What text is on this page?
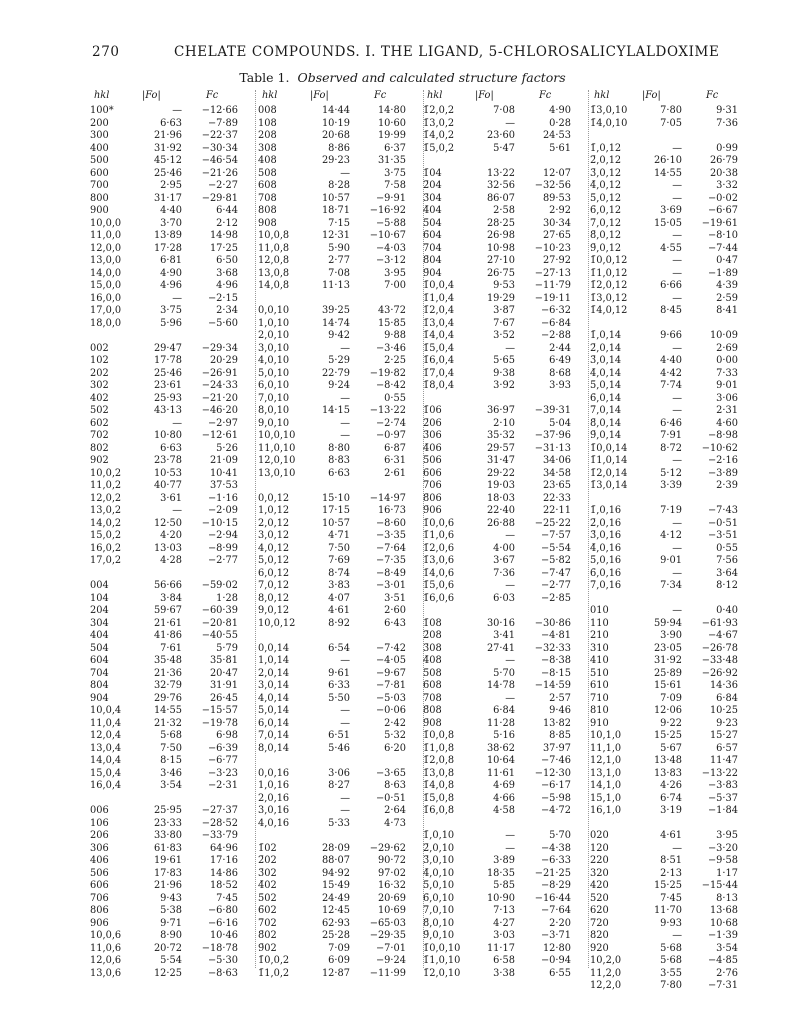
270	CHELATE COMPOUNDS. I. THE LIGAND, 5-CHLOROSALICYLALDOXIME
Table 1. Observed and calculated structure factors
hkl	|Fo|	Fc
100*	—	−12·66
200	6·63	−7·89
300	21·96	−22·37
400	31·92	−30·34
500	45·12	−46·54
600	25·46	−21·26
700	2·95	−2·27
800	31·17	−29·81
900	4·40	6·44
10,0,0	3·70	2·12
11,0,0	13·89	14·98
12,0,0	17·28	17·25
13,0,0	6·81	6·50
14,0,0	4·90	3·68
15,0,0	4·96	4·96
16,0,0	—	−2·15
17,0,0	3·75	2·34
18,0,0	5·96	−5·60
002	29·47	−29·34
102	17·78	20·29
202	25·46	−26·91
302	23·61	−24·33
402	25·93	−21·20
502	43·13	−46·20
602	—	−2·97
702	10·80	−12·61
802	6·63	5·26
902	23·78	21·09
10,0,2	10·53	10·41
11,0,2	40·77	37·53
12,0,2	3·61	−1·16
13,0,2	—	−2·09
14,0,2	12·50	−10·15
15,0,2	4·20	−2·94
16,0,2	13·03	−8·99
17,0,2	4·28	−2·77
004	56·66	−59·02
104	3·84	1·28
204	59·67	−60·39
304	21·61	−20·81
404	41·86	−40·55
504	7·61	5·79
604	35·48	35·81
704	21·36	20·47
804	32·79	31·91
904	29·76	26·45
10,0,4	14·55	−15·57
11,0,4	21·32	−19·78
12,0,4	5·68	6·98
13,0,4	7·50	−6·39
14,0,4	8·15	−6·77
15,0,4	3·46	−3·23
16,0,4	3·54	−2·31
006	25·95	−27·37
106	23·33	−28·52
206	33·80	−33·79
306	61·83	64·96
406	19·61	17·16
506	17·83	14·86
606	21·96	18·52
706	9·43	7·45
806	5·38	−6·80
906	9·71	−6·16
10,0,6	8·90	10·46
11,0,6	20·72	−18·78
12,0,6	5·54	−5·30
13,0,6	12·25	−8·63
hkl	|Fo|	Fc
008	14·44	14·80
108	10·19	10·60
208	20·68	19·99
308	8·86	6·37
408	29·23	31·35
508	—	3·75
608	8·28	7·58
708	10·57	−9·91
808	18·71	−16·92
908	7·15	−5·88
10,0,8	12·31	−10·67
11,0,8	5·90	−4·03
12,0,8	2·77	−3·12
13,0,8	7·08	3·95
14,0,8	11·13	7·00
0,0,10	39·25	43·72
1,0,10	14·74	15·85
2,0,10	9·42	9·88
3,0,10	—	−3·46
4,0,10	5·29	2·25
5,0,10	22·79	−19·82
6,0,10	9·24	−8·42
7,0,10	—	0·55
8,0,10	14·15	−13·22
9,0,10	—	−2·74
10,0,10	—	−0·97
11,0,10	8·80	6·87
12,0,10	8·83	6·31
13,0,10	6·63	2·61
0,0,12	15·10	−14·97
1,0,12	17·15	16·73
2,0,12	10·57	−8·60
3,0,12	4·71	−3·35
4,0,12	7·50	−7·64
5,0,12	7·69	−7·35
6,0,12	8·74	−8·49
7,0,12	3·83	−3·01
8,0,12	4·07	3·51
9,0,12	4·61	2·60
10,0,12	8·92	6·43
0,0,14	6·54	−7·42
1,0,14	—	−4·05
2,0,14	9·61	−9·67
3,0,14	6·33	−7·81
4,0,14	5·50	−5·03
5,0,14	—	−0·06
6,0,14	—	2·42
7,0,14	6·51	5·32
8,0,14	5·46	6·20
0,0,16	3·06	−3·65
1,0,16	8·27	8·63
2,0,16	—	−0·51
3,0,16	—	2·64
4,0,16	5·33	4·73
1̄02	28·09	−29·62
2̄02	88·07	90·72
3̄02	94·92	97·02
4̄02	15·49	16·32
5̄02	24·49	20·69
6̄02	12·45	10·69
7̄02	62·93	−65·03
8̄02	25·28	−29·35
9̄02	7·09	−7·01
1̄0,0,2	6·09	−9·24
1̄1,0,2	12·87	−11·99
hkl	|Fo|	Fc
1̄2,0,2	7·08	4·90
1̄3,0,2	—	0·28
1̄4,0,2	23·60	24·53
1̄5,0,2	5·47	5·61
1̄04	13·22	12·07
2̄04	32·56	−32·56
3̄04	86·07	89·53
4̄04	2·58	2·92
5̄04	28·25	30·34
6̄04	26·98	27·65
7̄04	10·98	−10·23
8̄04	27·10	27·92
9̄04	26·75	−27·13
1̄0,0,4	9·53	−11·79
1̄1,0,4	19·29	−19·11
1̄2,0,4	3·87	−6·32
1̄3,0,4	7·67	−6·84
1̄4,0,4	3·52	−2·88
1̄5,0,4	—	2·44
1̄6,0,4	5·65	6·49
1̄7,0,4	9·38	8·68
1̄8,0,4	3·92	3·93
1̄06	36·97	−39·31
2̄06	2·10	5·04
3̄06	35·32	−37·96
4̄06	29·57	−31·13
5̄06	31·47	34·06
6̄06	29·22	34·58
7̄06	19·03	23·65
8̄06	18·03	22·33
9̄06	22·40	22·11
1̄0,0,6	26·88	−25·22
1̄1,0,6	—	−7·57
1̄2,0,6	4·00	−5·54
1̄3,0,6	3·67	−5·82
1̄4,0,6	7·36	−7·47
1̄5,0,6	—	−2·77
1̄6,0,6	6·03	−2·85
1̄08	30·16	−30·86
2̄08	3·41	−4·81
3̄08	27·41	−32·33
4̄08	—	−8·38
5̄08	5·70	−8·15
6̄08	14·78	−14·59
7̄08	—	2·57
8̄08	6·84	9·46
9̄08	11·28	13·82
1̄0,0,8	5·16	8·85
1̄1,0,8	38·62	37·97
1̄2,0,8	10·64	−7·46
1̄3,0,8	11·61	−12·30
1̄4,0,8	4·69	−6·17
1̄5,0,8	4·66	−5·98
1̄6,0,8	4·58	−4·72
1̄,0,10	—	5·70
2̄,0,10	—	−4·38
3̄,0,10	3·89	−6·33
4̄,0,10	18·35	−21·25
5̄,0,10	5·85	−8·29
6̄,0,10	10·90	−16·44
7̄,0,10	7·13	−7·64
8̄,0,10	4·27	2·20
9̄,0,10	3·03	−3·71
1̄0,0,10	11·17	12·80
1̄1,0,10	6·58	−0·94
1̄2,0,10	3·38	6·55
hkl	|Fo|	Fc
1̄3,0,10	7·80	9·31
1̄4,0,10	7·05	7·36
1̄,0,12	—	0·99
2̄,0,12	26·10	26·79
3̄,0,12	14·55	20·38
4̄,0,12	—	3·32
5̄,0,12	—	−0·02
6̄,0,12	3·69	−6·67
7̄,0,12	15·05	−19·61
8̄,0,12	—	−8·10
9̄,0,12	4·55	−7·44
1̄0,0,12	—	0·47
1̄1,0,12	—	−1·89
1̄2,0,12	6·66	4·39
1̄3,0,12	—	2·59
1̄4,0,12	8·45	8·41
1̄,0,14	9·66	10·09
2̄,0,14	—	2·69
3̄,0,14	4·40	0·00
4̄,0,14	4·42	7·33
5̄,0,14	7·74	9·01
6̄,0,14	—	3·06
7̄,0,14	—	2·31
8̄,0,14	6·46	4·60
9̄,0,14	7·91	−8·98
1̄0,0,14	8·72	−10·62
1̄1,0,14	—	−2·16
1̄2,0,14	5·12	−3·89
1̄3,0,14	3·39	2·39
1̄,0,16	7·19	−7·43
2̄,0,16	—	−0·51
3̄,0,16	4·12	−3·51
4̄,0,16	—	0·55
5̄,0,16	9·01	7·56
6̄,0,16	—	3·64
7̄,0,16	7·34	8·12
010	—	0·40
110	59·94	−61·93
210	3·90	−4·67
310	23·05	−26·78
410	31·92	−33·48
510	25·89	−26·92
610	15·61	14·36
710	7·09	6·84
810	12·06	10·25
910	9·22	9·23
10,1,0	15·25	15·27
11,1,0	5·67	6·57
12,1,0	13·48	11·47
13,1,0	13·83	−13·22
14,1,0	4·26	−3·83
15,1,0	6·74	−5·37
16,1,0	3·19	−1·84
020	4·61	3·95
120	—	−3·20
220	8·51	−9·58
320	2·13	1·17
420	15·25	−15·44
520	7·45	8·13
620	11·70	13·68
720	9·93	10·68
820	—	−1·39
920	5·68	3·54
10,2,0	5·68	−4·85
11,2,0	3·55	2·76
12,2,0	7·80	−7·31
